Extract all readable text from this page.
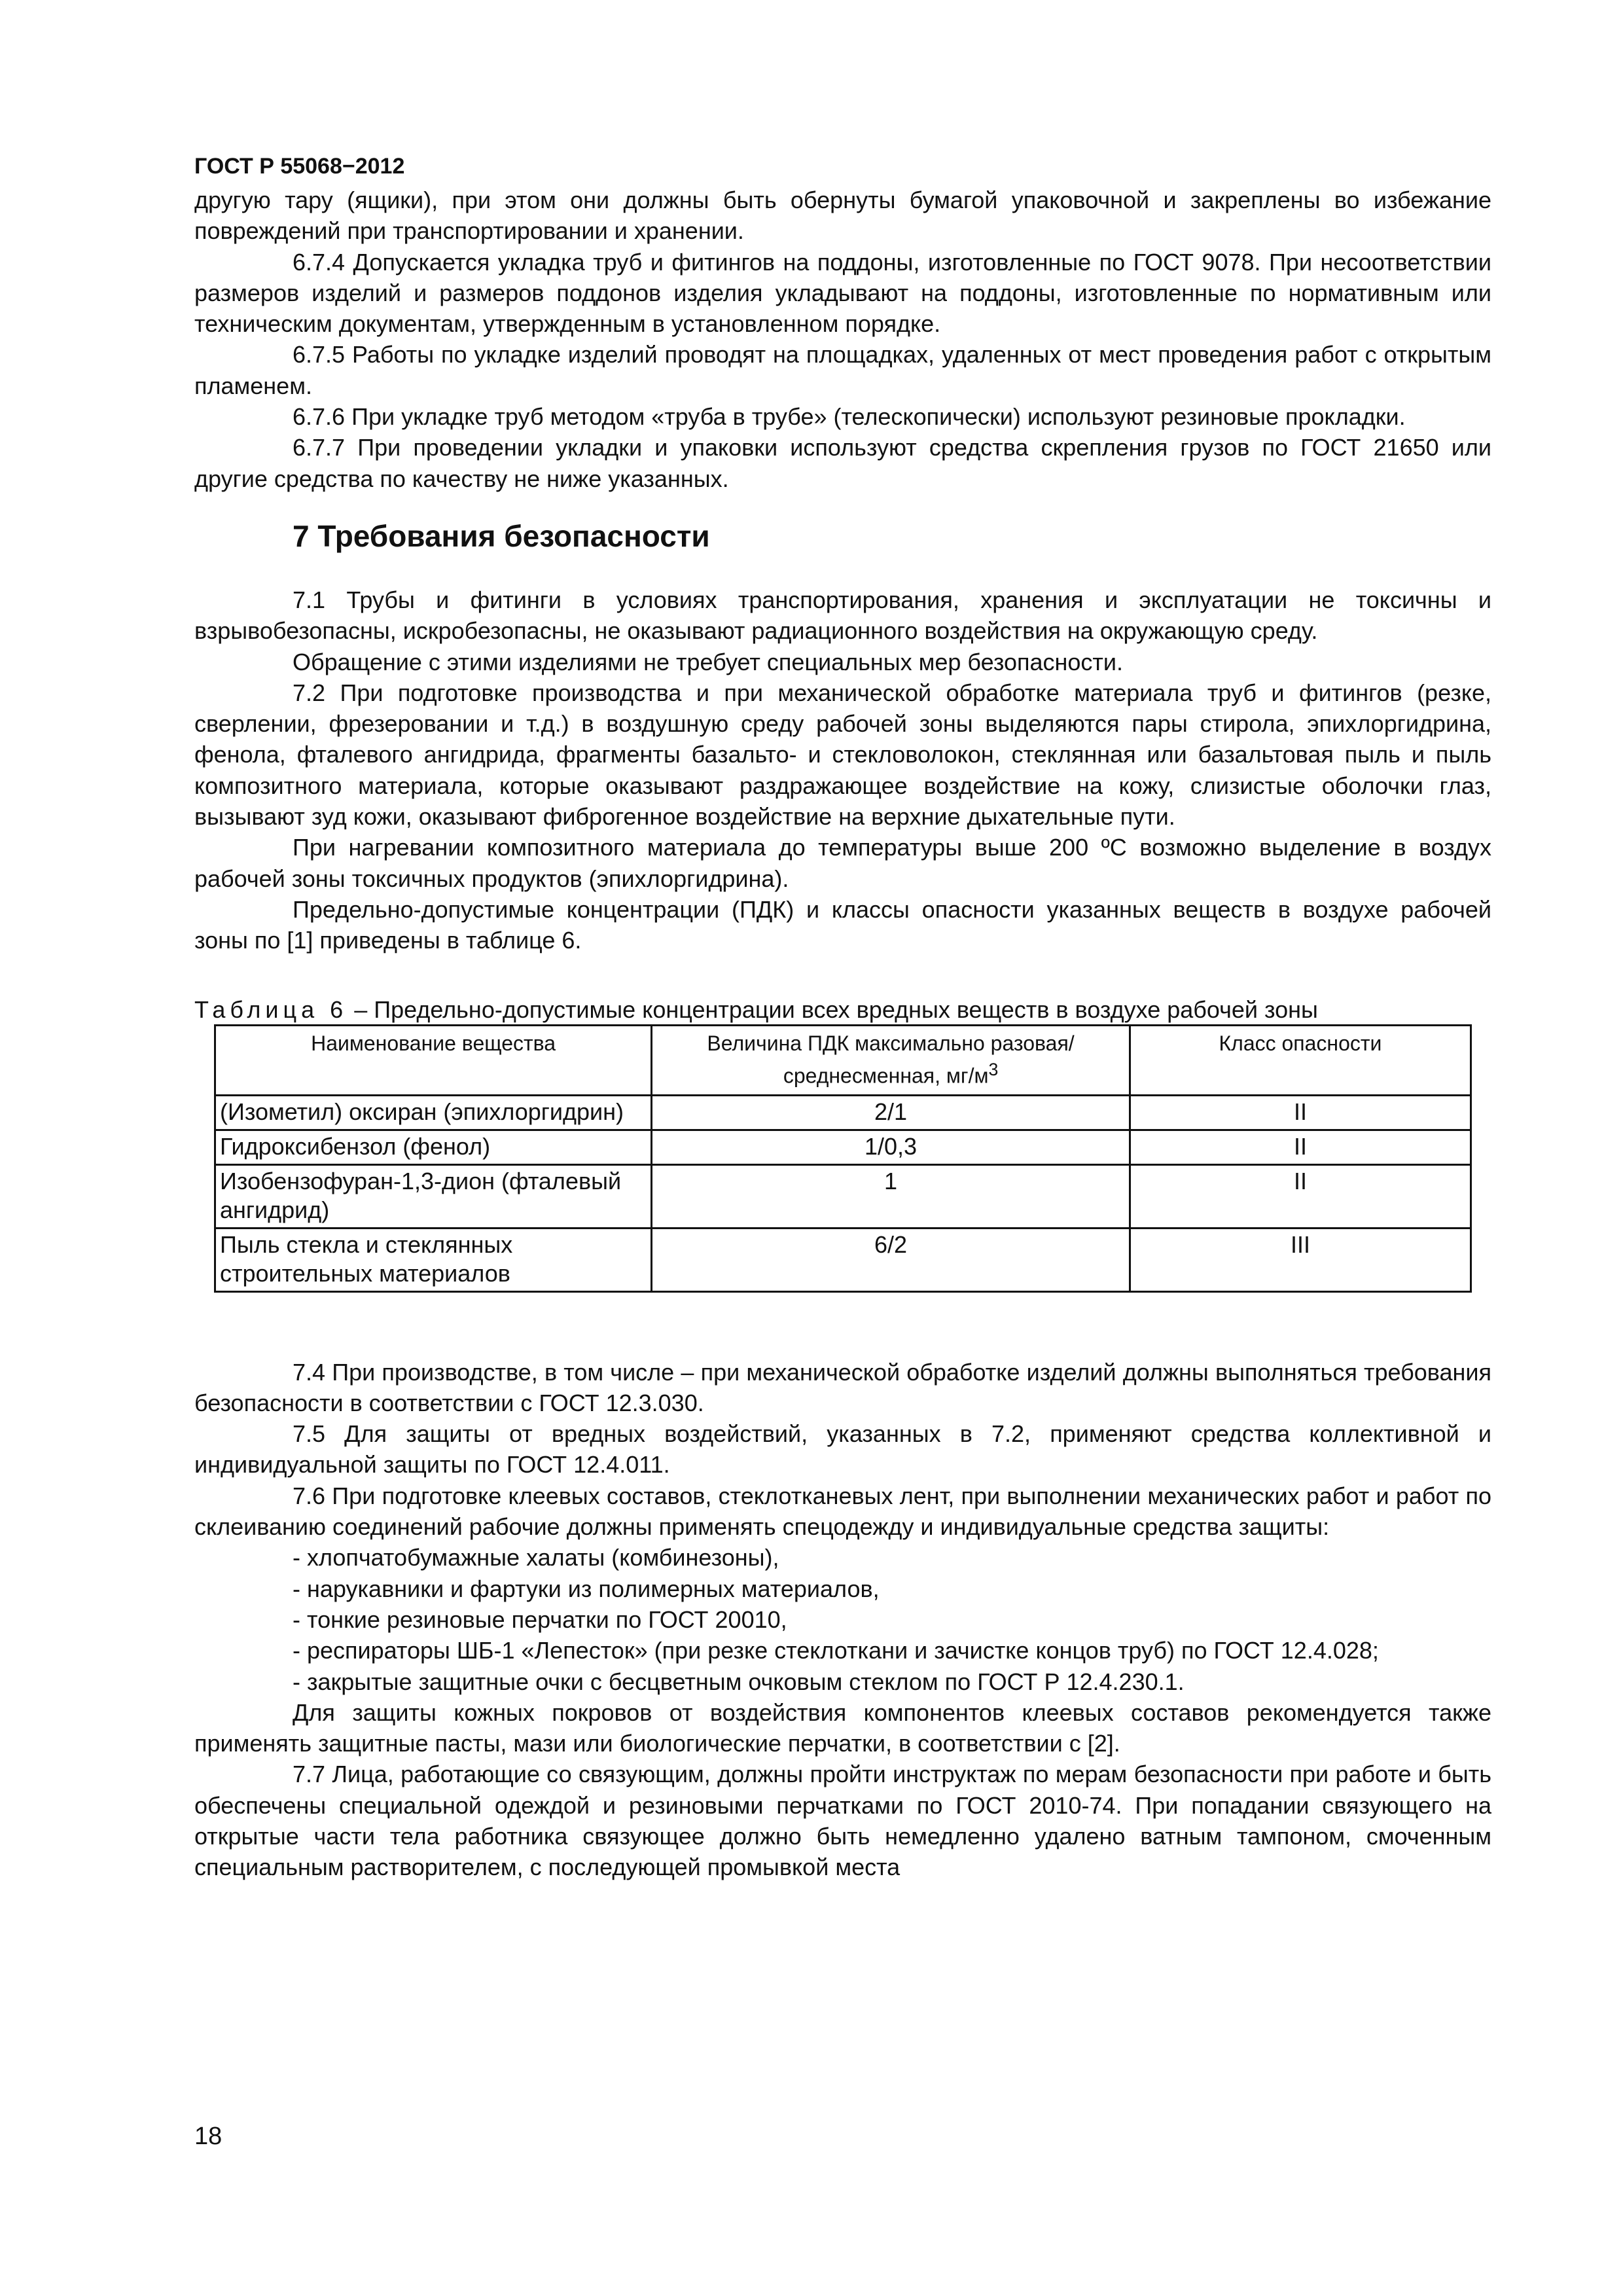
ГОСТ Р 55068−2012

другую тару (ящики), при этом они должны быть обернуты бумагой упаковочной и закреплены во избежание повреждений при транспортировании и хранении.

6.7.4 Допускается укладка труб и фитингов на поддоны, изготовленные по ГОСТ 9078. При несоответствии размеров изделий и размеров поддонов изделия укладывают на поддоны, изготовленные по нормативным или техническим документам, утвержденным в установленном порядке.

6.7.5 Работы по укладке изделий проводят на площадках, удаленных от мест проведения работ с открытым пламенем.

6.7.6 При укладке труб методом «труба в трубе» (телескопически) используют резиновые прокладки.

6.7.7 При проведении укладки и упаковки используют средства скрепления грузов по ГОСТ 21650 или другие средства по качеству не ниже указанных.

7 Требования безопасности

7.1 Трубы и фитинги в условиях транспортирования, хранения и эксплуатации не токсичны и взрывобезопасны, искробезопасны, не оказывают радиационного воздействия на окружающую среду.

Обращение с этими изделиями не требует специальных мер безопасности.

7.2 При подготовке производства и при механической обработке материала труб и фитингов (резке, сверлении, фрезеровании и т.д.) в воздушную среду рабочей зоны выделяются пары стирола, эпихлоргидрина, фенола, фталевого ангидрида, фрагменты базальто- и стекловолокон, стеклянная или базальтовая пыль и пыль композитного материала, которые оказывают раздражающее воздействие на кожу, слизистые оболочки глаз, вызывают зуд кожи, оказывают фиброгенное воздействие на верхние дыхательные пути.

При нагревании композитного материала до температуры выше 200 ºС возможно выделение в воздух рабочей зоны токсичных продуктов (эпихлоргидрина).

Предельно-допустимые концентрации (ПДК) и классы опасности указанных веществ в воздухе рабочей зоны по [1] приведены в таблице 6.

Таблица 6 – Предельно-допустимые концентрации всех вредных веществ в воздухе рабочей зоны

Наименование вещества	Величина ПДК максимально разовая/среднесменная, $мг/м^3$	Класс опасности
(Изометил) оксиран (эпихлоргидрин)	2/1	II
Гидроксибензол (фенол)	1/0,3	II
Изобензофуран-1,3-дион (фталевый ангидрид)	1	II
Пыль стекла и стеклянных строительных материалов	6/2	III

7.4 При производстве, в том числе – при механической обработке изделий должны выполняться требования безопасности в соответствии с ГОСТ 12.3.030.

7.5 Для защиты от вредных воздействий, указанных в 7.2, применяют средства коллективной и индивидуальной защиты по ГОСТ 12.4.011.

7.6 При подготовке клеевых составов, стеклотканевых лент, при выполнении механических работ и работ по склеиванию соединений рабочие должны применять спецодежду и индивидуальные средства защиты:

- хлопчатобумажные халаты (комбинезоны),

- нарукавники и фартуки из полимерных материалов,

- тонкие резиновые перчатки по ГОСТ 20010,

- респираторы ШБ-1 «Лепесток» (при резке стеклоткани и зачистке концов труб) по ГОСТ 12.4.028;

- закрытые защитные очки с бесцветным очковым стеклом по ГОСТ Р 12.4.230.1.

Для защиты кожных покровов от воздействия компонентов клеевых составов рекомендуется также применять защитные пасты, мази или биологические перчатки, в соответствии с [2].

7.7 Лица, работающие со связующим, должны пройти инструктаж по мерам безопасности при работе и быть обеспечены специальной одеждой и резиновыми перчатками по ГОСТ 2010-74. При попадании связующего на открытые части тела работника связующее должно быть немедленно удалено ватным тампоном, смоченным специальным растворителем, с последующей промывкой места

18
